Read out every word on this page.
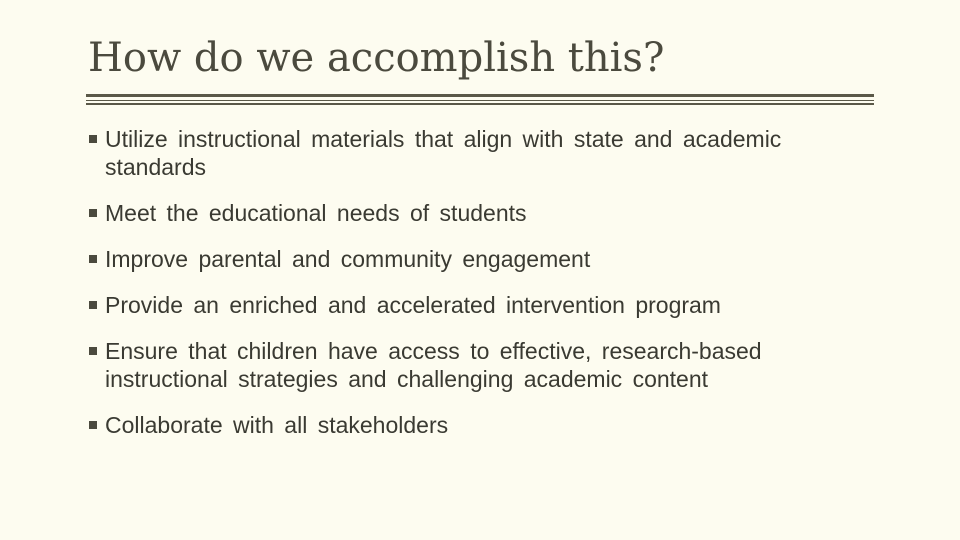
How do we accomplish this?
Utilize instructional materials that align with state and academic standards
Meet the educational needs of students
Improve parental and community engagement
Provide an enriched and accelerated intervention program
Ensure that children have access to effective, research-based instructional strategies and challenging academic content
Collaborate with all stakeholders
